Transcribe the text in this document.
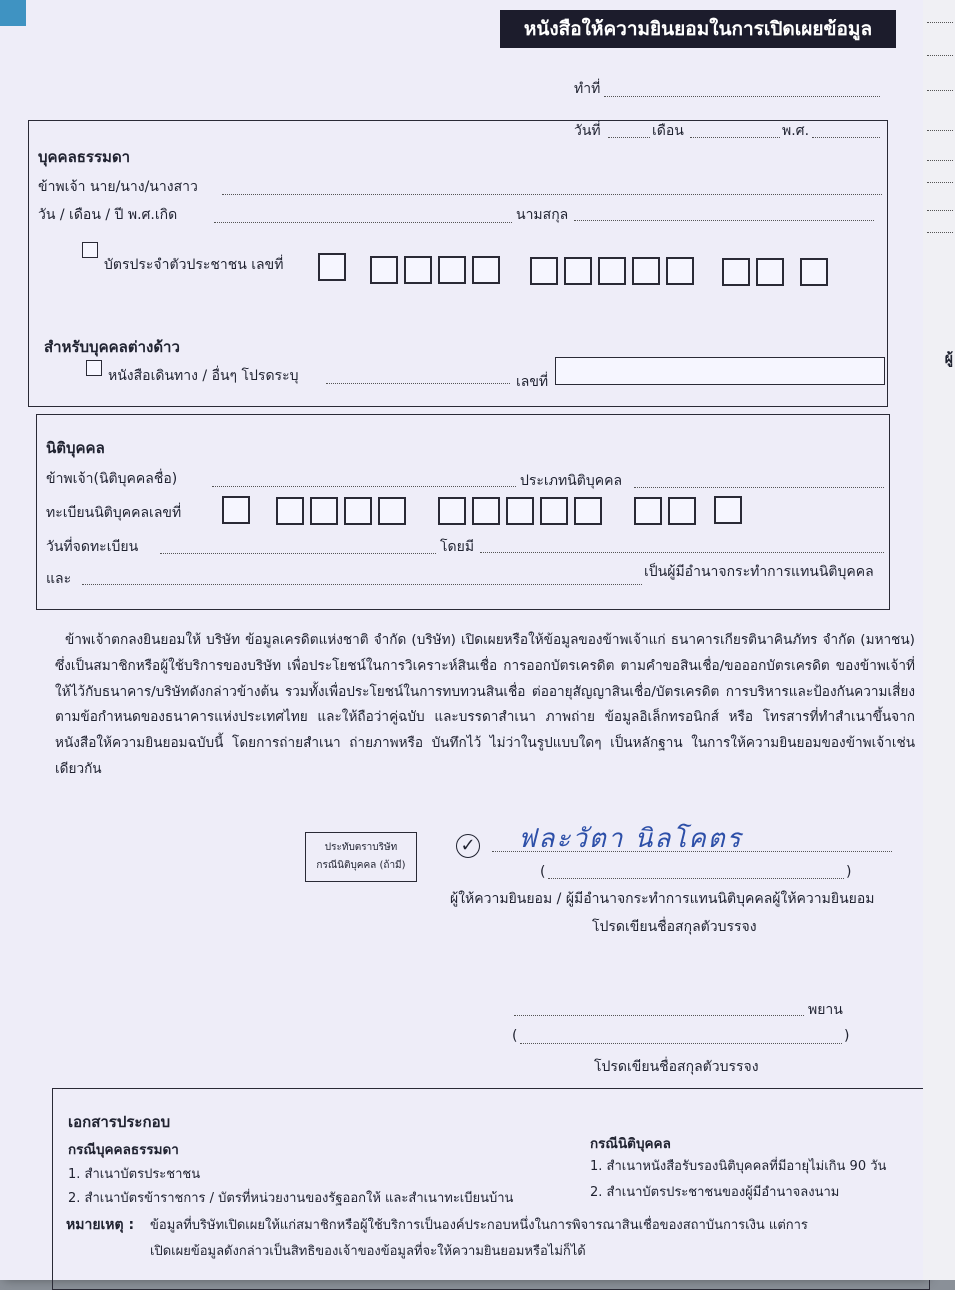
หนังสือให้ความยินยอมในการเปิดเผยข้อมูล
ทำที่
วันที่	เดือน	พ.ศ.
บุคคลธรรมดา
ข้าพเจ้า นาย/นาง/นางสาว
วัน / เดือน / ปี พ.ศ.เกิด	นามสกุล
บัตรประจำตัวประชาชน เลขที่
สำหรับบุคคลต่างด้าว
หนังสือเดินทาง / อื่นๆ โปรดระบุ	เลขที่
นิติบุคคล
ข้าพเจ้า(นิติบุคคลชื่อ)	ประเภทนิติบุคคล
ทะเบียนนิติบุคคลเลขที่
วันที่จดทะเบียน	โดยมี
และ	เป็นผู้มีอำนาจกระทำการแทนนิติบุคคล
ข้าพเจ้าตกลงยินยอมให้ บริษัท ข้อมูลเครดิตแห่งชาติ จำกัด (บริษัท) เปิดเผยหรือให้ข้อมูลของข้าพเจ้าแก่ ธนาคารเกียรตินาคินภัทร จำกัด (มหาชน) ซึ่งเป็นสมาชิกหรือผู้ใช้บริการของบริษัท เพื่อประโยชน์ในการวิเคราะห์สินเชื่อ การออกบัตรเครดิต ตามคำขอสินเชื่อ/ขอออกบัตรเครดิต ของข้าพเจ้าที่ให้ไว้กับธนาคาร/บริษัทดังกล่าวข้างต้น รวมทั้งเพื่อประโยชน์ในการทบทวนสินเชื่อ ต่ออายุสัญญาสินเชื่อ/บัตรเครดิต การบริหารและป้องกันความเสี่ยงตามข้อกำหนดของธนาคารแห่งประเทศไทย และให้ถือว่าคู่ฉบับ และบรรดาสำเนา ภาพถ่าย ข้อมูลอิเล็กทรอนิกส์ หรือ โทรสารที่ทำสำเนาขึ้นจากหนังสือให้ความยินยอมฉบับนี้ โดยการถ่ายสำเนา ถ่ายภาพหรือ บันทึกไว้ ไม่ว่าในรูปแบบใดๆ เป็นหลักฐาน ในการให้ความยินยอมของข้าพเจ้าเช่นเดียวกัน
ประทับตราบริษัท
กรณีนิติบุคคล (ถ้ามี)
✓ ฟละวัตา นิลโคตร
(	)
ผู้ให้ความยินยอม / ผู้มีอำนาจกระทำการแทนนิติบุคคลผู้ให้ความยินยอม
โปรดเขียนชื่อสกุลตัวบรรจง
พยาน
(	)
โปรดเขียนชื่อสกุลตัวบรรจง
เอกสารประกอบ
กรณีบุคคลธรรมดา
1. สำเนาบัตรประชาชน
2. สำเนาบัตรข้าราชการ / บัตรที่หน่วยงานของรัฐออกให้ และสำเนาทะเบียนบ้าน
กรณีนิติบุคคล
1. สำเนาหนังสือรับรองนิติบุคคลที่มีอายุไม่เกิน 90 วัน
2. สำเนาบัตรประชาชนของผู้มีอำนาจลงนาม
หมายเหตุ : ข้อมูลที่บริษัทเปิดเผยให้แก่สมาชิกหรือผู้ใช้บริการเป็นองค์ประกอบหนึ่งในการพิจารณาสินเชื่อของสถาบันการเงิน แต่การ
เปิดเผยข้อมูลดังกล่าวเป็นสิทธิของเจ้าของข้อมูลที่จะให้ความยินยอมหรือไม่ก็ได้
ผู้
